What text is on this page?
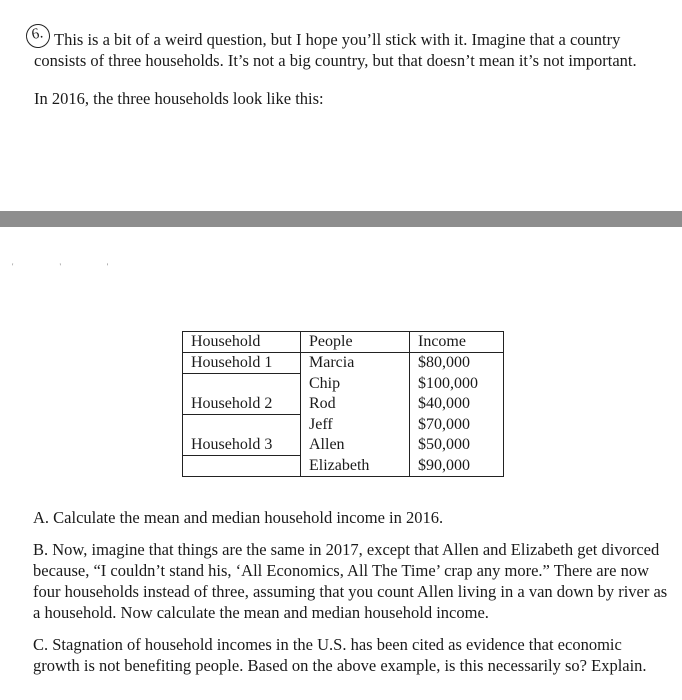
6. This is a bit of a weird question, but I hope you’ll stick with it. Imagine that a country
consists of three households. It’s not a big country, but that doesn’t mean it’s not important.
In 2016, the three households look like this:
' ' '
Household	People	Income
Household 1	Marcia	$80,000
	Chip	$100,000
Household 2	Rod	$40,000
	Jeff	$70,000
Household 3	Allen	$50,000
	Elizabeth	$90,000
A. Calculate the mean and median household income in 2016.
B. Now, imagine that things are the same in 2017, except that Allen and Elizabeth get divorced
because, “I couldn’t stand his, ‘All Economics, All The Time’ crap any more.” There are now
four households instead of three, assuming that you count Allen living in a van down by river as
a household. Now calculate the mean and median household income.
C. Stagnation of household incomes in the U.S. has been cited as evidence that economic
growth is not benefiting people. Based on the above example, is this necessarily so? Explain.
